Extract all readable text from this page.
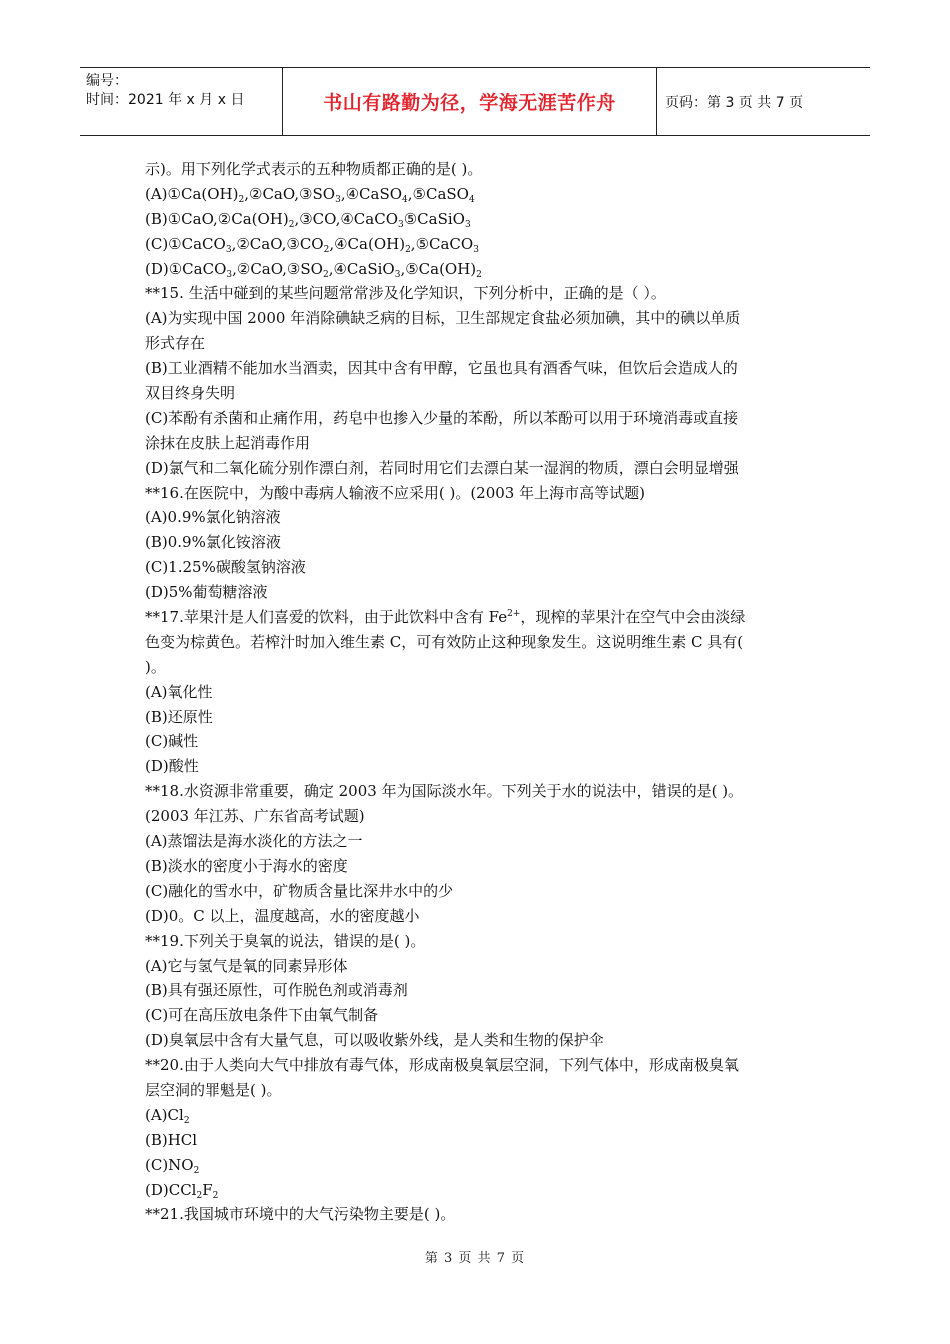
编号：
时间：2021 年 x 月 x 日	书山有路勤为径，学海无涯苦作舟	页码：第 3 页 共 7 页
示)。用下列化学式表示的五种物质都正确的是( )。
$(A)①Ca(OH)_2,②CaO,③SO_3,④CaSO_4,⑤CaSO_4$
$(B)①CaO,②Ca(OH)_2,③CO,④CaCO_3⑤CaSiO_3$
$(C)①CaCO_3,②CaO,③CO_2,④Ca(OH)_2,⑤CaCO_3$
$(D)①CaCO_3,②CaO,③SO_2,④CaSiO_3,⑤Ca(OH)_2$
**15. 生活中碰到的某些问题常常涉及化学知识，下列分析中，正确的是（ ）。
(A)为实现中国 2000 年消除碘缺乏病的目标，卫生部规定食盐必须加碘，其中的碘以单质
形式存在
(B)工业酒精不能加水当酒卖，因其中含有甲醇，它虽也具有酒香气味，但饮后会造成人的
双目终身失明
(C)苯酚有杀菌和止痛作用，药皂中也掺入少量的苯酚，所以苯酚可以用于环境消毒或直接
涂抹在皮肤上起消毒作用
(D)氯气和二氧化硫分别作漂白剂，若同时用它们去漂白某一湿润的物质，漂白会明显增强
**16.在医院中，为酸中毒病人输液不应采用( )。(2003 年上海市高等试题)
(A)0.9%氯化钠溶液
(B)0.9%氯化铵溶液
(C)1.25%碳酸氢钠溶液
(D)5%葡萄糖溶液
**17.苹果汁是人们喜爱的饮料，由于此饮料中含有 $Fe^{2+}$，现榨的苹果汁在空气中会由淡绿
色变为棕黄色。若榨汁时加入维生素 C，可有效防止这种现象发生。这说明维生素 C 具有(
)。
(A)氧化性
(B)还原性
(C)碱性
(D)酸性
**18.水资源非常重要，确定 2003 年为国际淡水年。下列关于水的说法中，错误的是( )。
(2003 年江苏、广东省高考试题)
(A)蒸馏法是海水淡化的方法之一
(B)淡水的密度小于海水的密度
(C)融化的雪水中，矿物质含量比深井水中的少
(D)0。C 以上，温度越高，水的密度越小
**19.下列关于臭氧的说法，错误的是( )。
(A)它与氢气是氧的同素异形体
(B)具有强还原性，可作脱色剂或消毒剂
(C)可在高压放电条件下由氧气制备
(D)臭氧层中含有大量气息，可以吸收紫外线，是人类和生物的保护伞
**20.由于人类向大气中排放有毒气体，形成南极臭氧层空洞，下列气体中，形成南极臭氧
层空洞的罪魁是( )。
$(A)Cl_2$
(B)HCl
$(C)NO_2$
$(D)CCl_2F_2$
**21.我国城市环境中的大气污染物主要是( )。
第 3 页 共 7 页
